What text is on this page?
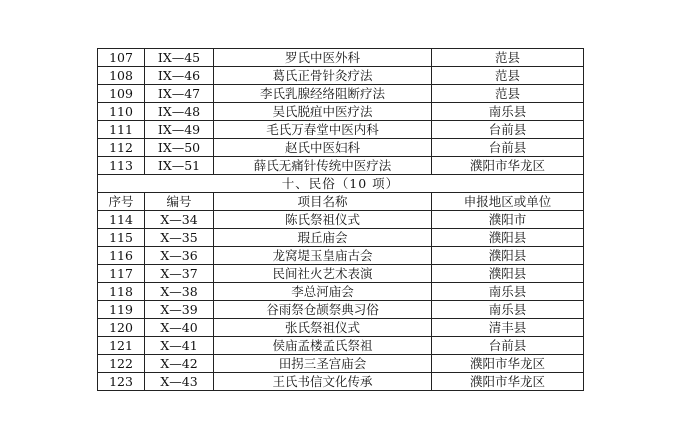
107	IX—45	罗氏中医外科	范县
108	IX—46	葛氏正骨针灸疗法	范县
109	IX—47	李氏乳腺经络阻断疗法	范县
110	IX—48	吴氏脱疽中医疗法	南乐县
111	IX—49	毛氏万春堂中医内科	台前县
112	IX—50	赵氏中医妇科	台前县
113	IX—51	薛氏无痛针传统中医疗法	濮阳市华龙区
十、民俗（10 项）			
序号	编号	项目名称	申报地区或单位
114	X—34	陈氏祭祖仪式	濮阳市
115	X—35	瑕丘庙会	濮阳县
116	X—36	龙窝堤玉皇庙古会	濮阳县
117	X—37	民间社火艺术表演	濮阳县
118	X—38	李总河庙会	南乐县
119	X—39	谷雨祭仓颉祭典习俗	南乐县
120	X—40	张氏祭祖仪式	清丰县
121	X—41	侯庙孟楼孟氏祭祖	台前县
122	X—42	田拐三圣宫庙会	濮阳市华龙区
123	X—43	王氏书信文化传承	濮阳市华龙区
